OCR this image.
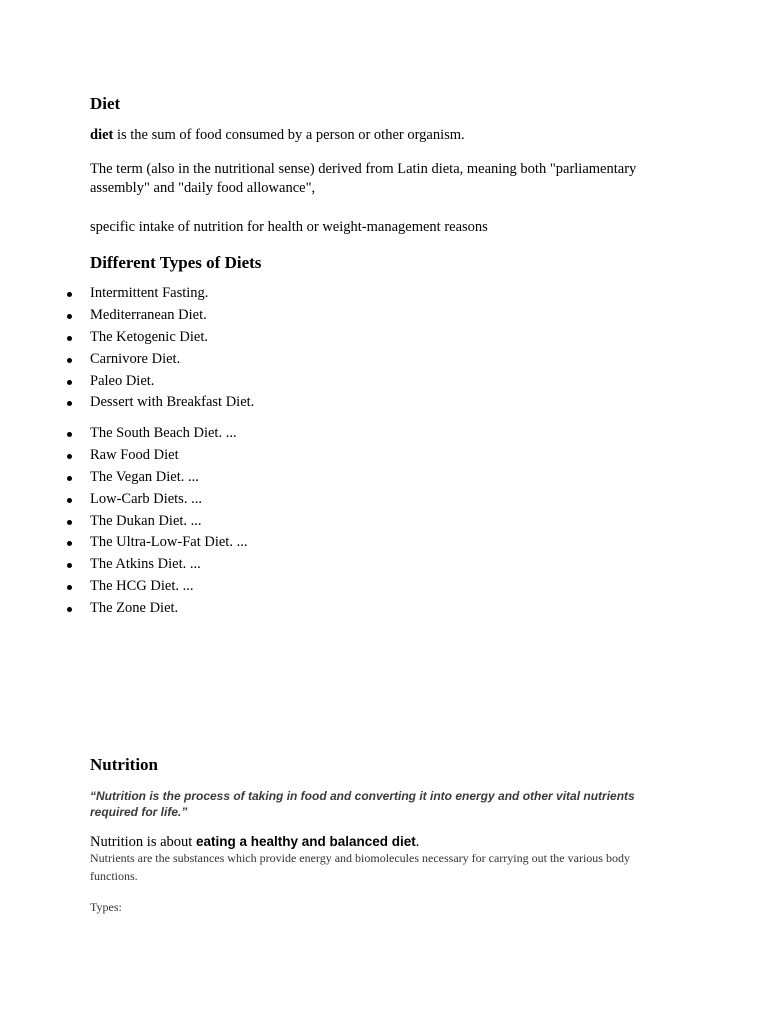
Diet

diet is the sum of food consumed by a person or other organism.

The term (also in the nutritional sense) derived from Latin dieta, meaning both "parliamentary assembly" and "daily food allowance",

specific intake of nutrition for health or weight-management reasons

Different Types of Diets
Intermittent Fasting.
Mediterranean Diet.
The Ketogenic Diet.
Carnivore Diet.
Paleo Diet.
Dessert with Breakfast Diet.
The South Beach Diet. ...
Raw Food Diet
The Vegan Diet. ...
Low-Carb Diets. ...
The Dukan Diet. ...
The Ultra-Low-Fat Diet. ...
The Atkins Diet. ...
The HCG Diet. ...
The Zone Diet.
Nutrition

“Nutrition is the process of taking in food and converting it into energy and other vital nutrients required for life.”

Nutrition is about eating a healthy and balanced diet.

Nutrients are the substances which provide energy and biomolecules necessary for carrying out the various body functions.

Types:
